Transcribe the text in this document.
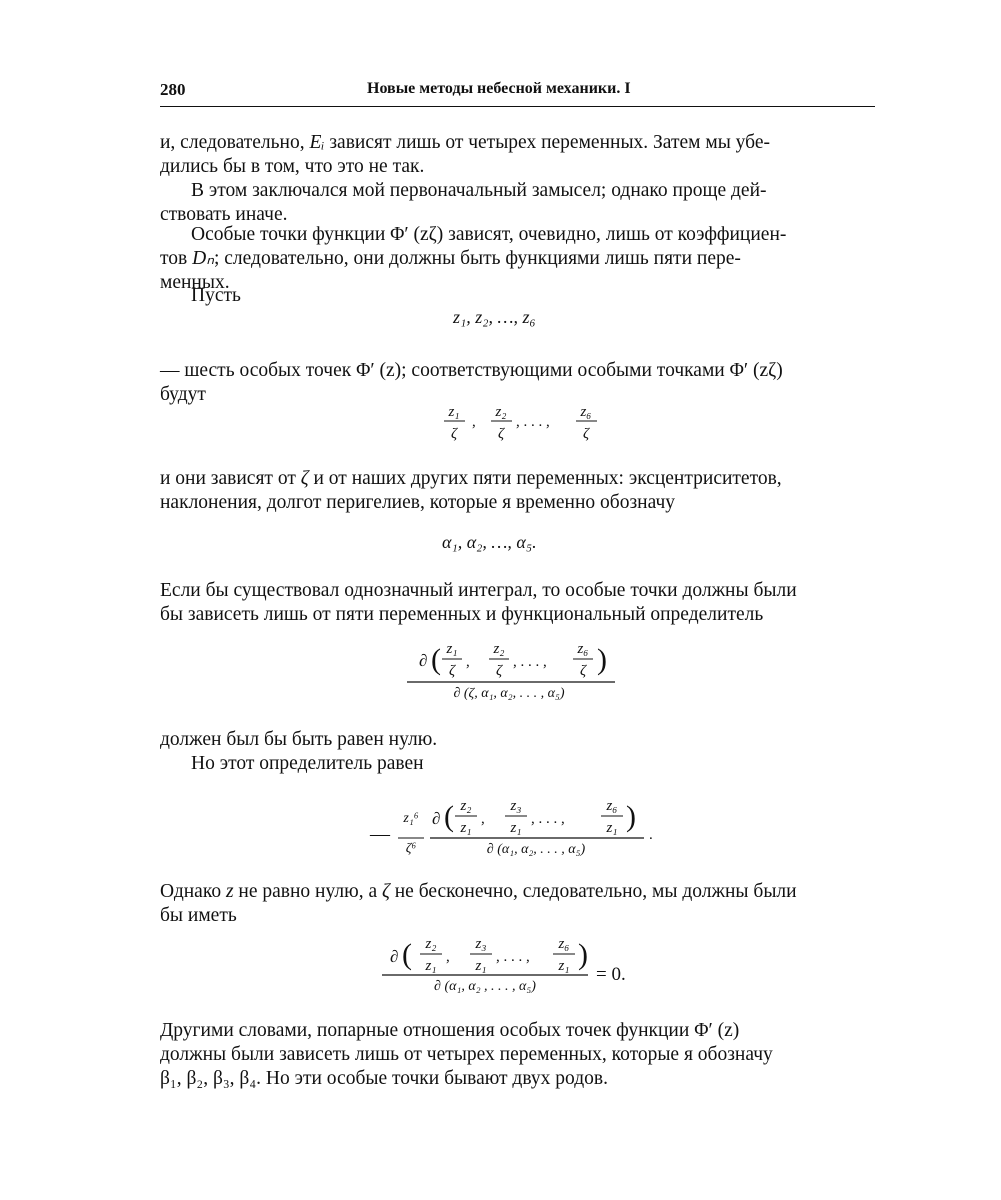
280	Новые методы небесной механики. I

и, следовательно, Eᵢ зависят лишь от четырех переменных. Затем мы убе-
дились бы в том, что это не так.

В этом заключался мой первоначальный замысел; однако проще дей-
ствовать иначе.

Особые точки функции Φ′ (zζ) зависят, очевидно, лишь от коэффициен-
тов Dₙ; следовательно, они должны быть функциями лишь пяти пере-
менных.

Пусть

z₁, z₂, …, z₆

— шесть особых точек Φ′ (z); соответствующими особыми точками Φ′ (zζ)
будут

z₁
ζ
,
z₂
ζ
, . . . ,
z₆
ζ

и они зависят от ζ и от наших других пяти переменных: эксцентриситетов,
наклонения, долгот перигелиев, которые я временно обозначу

α₁, α₂, …, α₅.

Если бы существовал однозначный интеграл, то особые точки должны были
бы зависеть лишь от пяти переменных и функциональный определитель

∂ ( z₁
ζ
,
z₂
ζ
, . . . ,
z₆
ζ )
∂ (ζ, α₁, α₂, . . . , α₅)

должен был бы быть равен нулю.

Но этот определитель равен

—
z₁⁶
ζ⁶
∂ ( z₂
z₁
,
z₃
z₁
, . . . ,
z₆
z₁ )
∂ (α₁, α₂, . . . , α₅)
.

Однако z не равно нулю, а ζ не бесконечно, следовательно, мы должны были
бы иметь

∂ ( z₂
z₁
,
z₃
z₁
, . . . ,
z₆
z₁ )
∂ (α₁, α₂ , . . . , α₅)
= 0.

Другими словами, попарные отношения особых точек функции Φ′ (z)
должны были зависеть лишь от четырех переменных, которые я обозначу
β₁, β₂, β₃, β₄. Но эти особые точки бывают двух родов.
